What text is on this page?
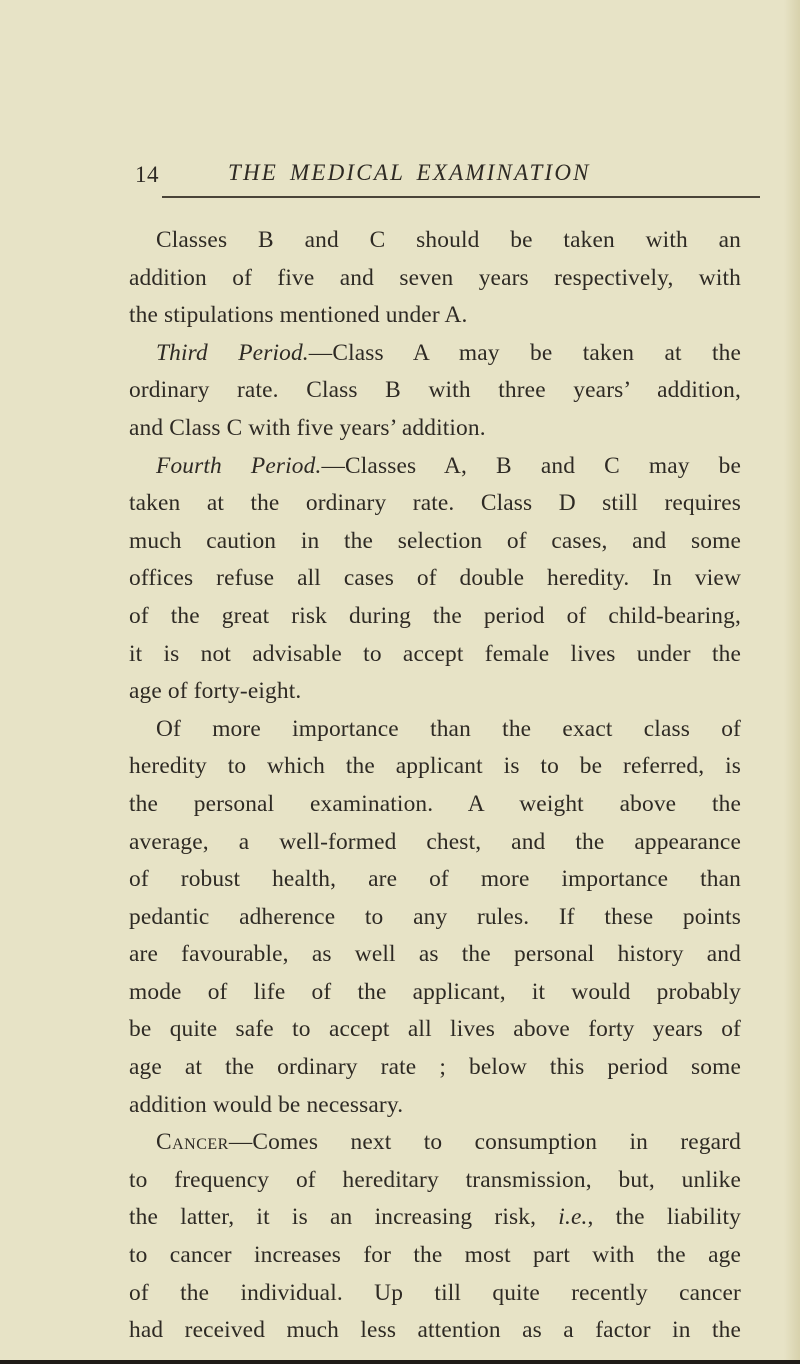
14	THE MEDICAL EXAMINATION
Classes B and C should be taken with an
addition of five and seven years respectively, with
the stipulations mentioned under A.
Third Period.—Class A may be taken at the
ordinary rate. Class B with three years’ addition,
and Class C with five years’ addition.
Fourth Period.—Classes A, B and C may be
taken at the ordinary rate. Class D still requires
much caution in the selection of cases, and some
offices refuse all cases of double heredity. In view
of the great risk during the period of child-bearing,
it is not advisable to accept female lives under the
age of forty-eight.
Of more importance than the exact class of
heredity to which the applicant is to be referred, is
the personal examination. A weight above the
average, a well-formed chest, and the appearance
of robust health, are of more importance than
pedantic adherence to any rules. If these points
are favourable, as well as the personal history and
mode of life of the applicant, it would probably
be quite safe to accept all lives above forty years of
age at the ordinary rate ; below this period some
addition would be necessary.
Cancer—Comes next to consumption in regard
to frequency of hereditary transmission, but, unlike
the latter, it is an increasing risk, i.e., the liability
to cancer increases for the most part with the age
of the individual. Up till quite recently cancer
had received much less attention as a factor in the
